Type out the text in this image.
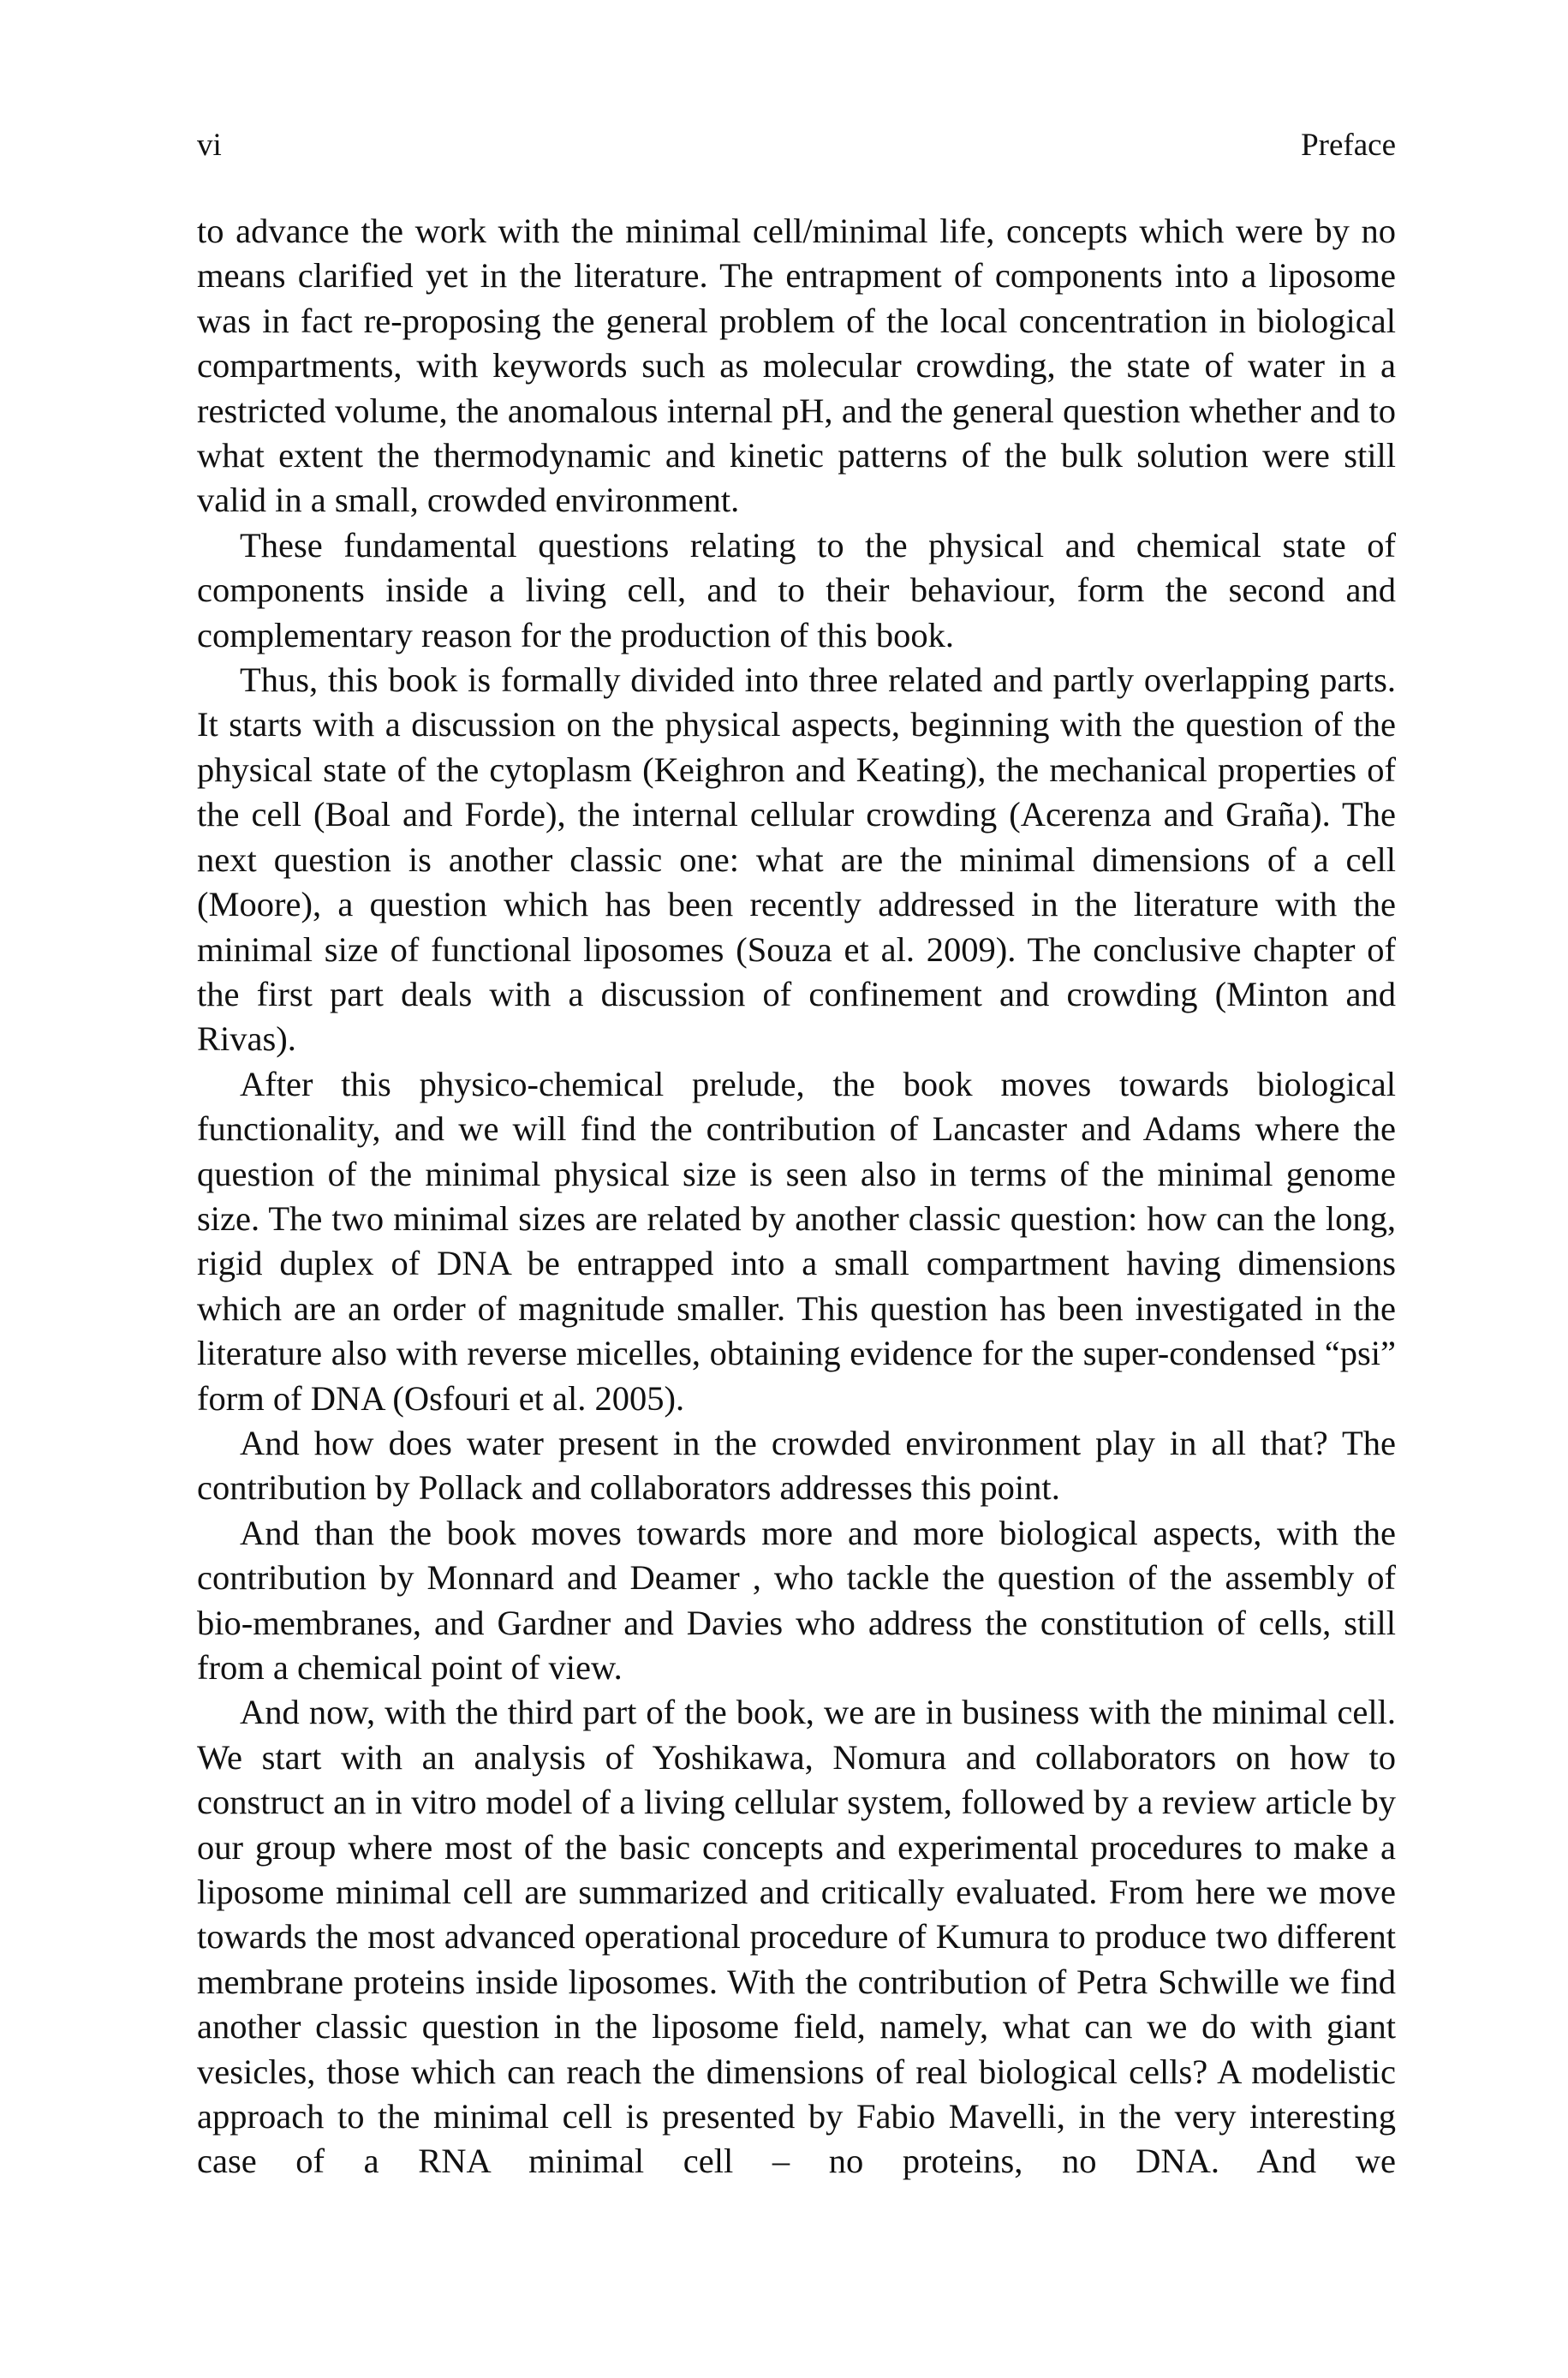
vi	Preface

to advance the work with the minimal cell/minimal life, concepts which were by no means clarified yet in the literature. The entrapment of components into a liposome was in fact re-proposing the general problem of the local concentration in biological compartments, with keywords such as molecular crowding, the state of water in a restricted volume, the anomalous internal pH, and the general question whether and to what extent the thermodynamic and kinetic patterns of the bulk solution were still valid in a small, crowded environment.

These fundamental questions relating to the physical and chemical state of components inside a living cell, and to their behaviour, form the second and complementary reason for the production of this book.

Thus, this book is formally divided into three related and partly overlapping parts. It starts with a discussion on the physical aspects, beginning with the question of the physical state of the cytoplasm (Keighron and Keating), the mechanical properties of the cell (Boal and Forde), the internal cellular crowding (Acerenza and Graña). The next question is another classic one: what are the minimal dimensions of a cell (Moore), a question which has been recently addressed in the literature with the minimal size of functional liposomes (Souza et al. 2009). The conclusive chapter of the first part deals with a discussion of confinement and crowding (Minton and Rivas).

After this physico-chemical prelude, the book moves towards biological functionality, and we will find the contribution of Lancaster and Adams where the question of the minimal physical size is seen also in terms of the minimal genome size. The two minimal sizes are related by another classic question: how can the long, rigid duplex of DNA be entrapped into a small compartment having dimensions which are an order of magnitude smaller. This question has been investigated in the literature also with reverse micelles, obtaining evidence for the super-condensed “psi” form of DNA (Osfouri et al. 2005).

And how does water present in the crowded environment play in all that? The contribution by Pollack and collaborators addresses this point.

And than the book moves towards more and more biological aspects, with the contribution by Monnard and Deamer , who tackle the question of the assembly of bio-membranes, and Gardner and Davies who address the constitution of cells, still from a chemical point of view.

And now, with the third part of the book, we are in business with the minimal cell. We start with an analysis of Yoshikawa, Nomura and collaborators on how to construct an in vitro model of a living cellular system, followed by a review article by our group where most of the basic concepts and experimental procedures to make a liposome minimal cell are summarized and critically evaluated. From here we move towards the most advanced operational procedure of Kumura to produce two different membrane proteins inside liposomes. With the contribution of Petra Schwille we find another classic question in the liposome field, namely, what can we do with giant vesicles, those which can reach the dimensions of real biological cells? A modelistic approach to the minimal cell is presented by Fabio Mavelli, in the very interesting case of a RNA minimal cell – no proteins, no DNA. And we
